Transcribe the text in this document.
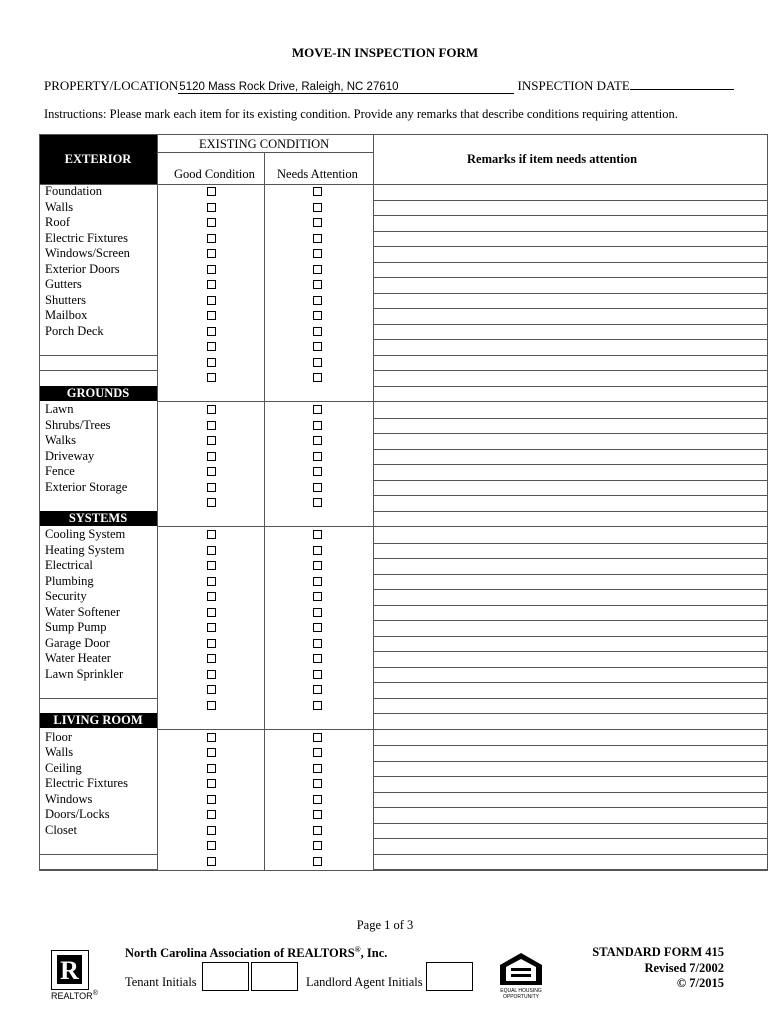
MOVE-IN INSPECTION FORM
PROPERTY/LOCATION5120 Mass Rock Drive, Raleigh, NC 27610	INSPECTION DATE
Instructions: Please mark each item for its existing condition. Provide any remarks that describe conditions requiring attention.
EXISTING CONDITION
Good Condition Needs Attention
Remarks if item needs attention
EXTERIOR
Foundation
Walls
Roof
Electric Fixtures
Windows/Screen
Exterior Doors
Gutters
Shutters
Mailbox
Porch Deck
GROUNDS
Lawn
Shrubs/Trees
Walks
Driveway
Fence
Exterior Storage
SYSTEMS
Cooling System
Heating System
Electrical
Plumbing
Security
Water Softener
Sump Pump
Garage Door
Water Heater
Lawn Sprinkler
LIVING ROOM
Floor
Walls
Ceiling
Electric Fixtures
Windows
Doors/Locks
Closet
Page 1 of 3
R
REALTOR®
North Carolina Association of REALTORS®, Inc.
Tenant Initials	Landlord Agent Initials
EQUAL HOUSING
OPPORTUNITY
STANDARD FORM 415
Revised 7/2002
© 7/2015
